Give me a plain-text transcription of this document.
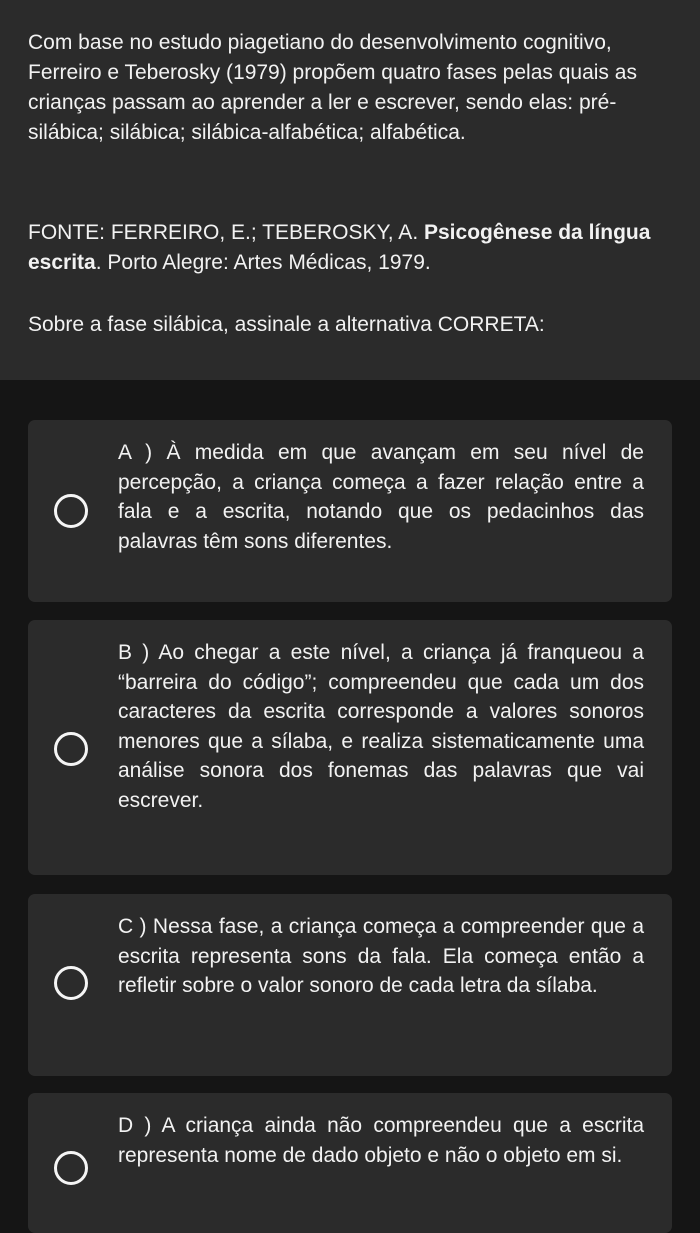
Com base no estudo piagetiano do desenvolvimento cognitivo, Ferreiro e Teberosky (1979) propõem quatro fases pelas quais as crianças passam ao aprender a ler e escrever, sendo elas: pré-silábica; silábica; silábica-alfabética; alfabética.

FONTE: FERREIRO, E.; TEBEROSKY, A. Psicogênese da língua escrita. Porto Alegre: Artes Médicas, 1979.

Sobre a fase silábica, assinale a alternativa CORRETA:

A ) À medida em que avançam em seu nível de percepção, a criança começa a fazer relação entre a fala e a escrita, notando que os pedacinhos das palavras têm sons diferentes.
B ) Ao chegar a este nível, a criança já franqueou a “barreira do código”; compreendeu que cada um dos caracteres da escrita corresponde a valores sonoros menores que a sílaba, e realiza sistematicamente uma análise sonora dos fonemas das palavras que vai escrever.
C ) Nessa fase, a criança começa a compreender que a escrita representa sons da fala. Ela começa então a refletir sobre o valor sonoro de cada letra da sílaba.
D ) A criança ainda não compreendeu que a escrita representa nome de dado objeto e não o objeto em si.
